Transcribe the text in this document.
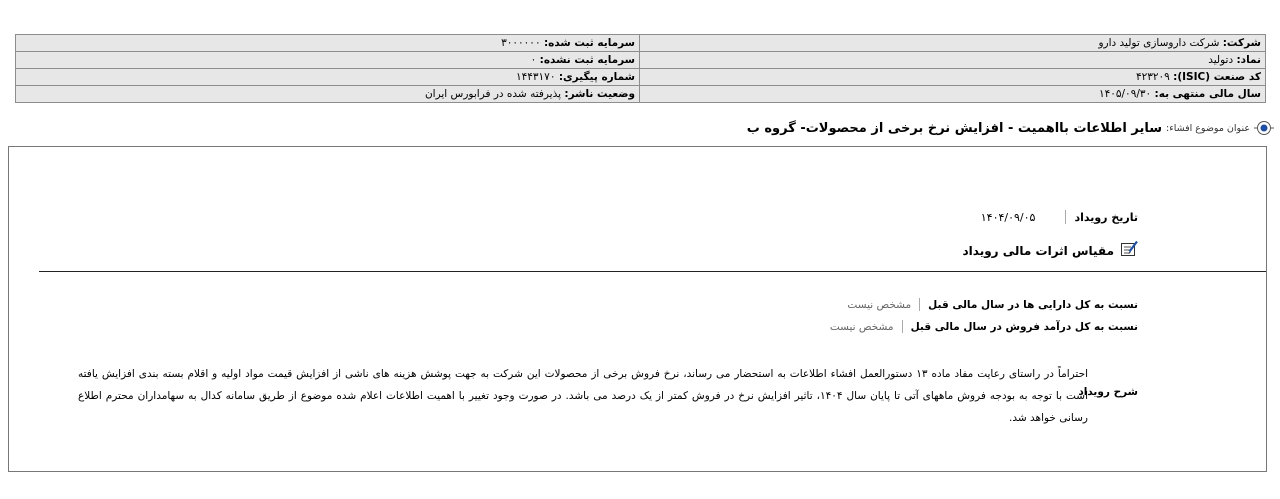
شرکت: شرکت داروسازی تولید دارو	سرمایه ثبت شده: ۳۰۰۰۰۰۰
نماد: دتولید	سرمایه ثبت نشده: ۰
کد صنعت (ISIC): ۴۲۳۲۰۹	شماره پیگیری: ۱۴۴۳۱۷۰
سال مالی منتهی به: ۱۴۰۵/۰۹/۳۰	وضعیت ناشر: پذیرفته شده در فرابورس ایران
عنوان موضوع افشاء:
سایر اطلاعات بااهمیت - افزایش نرخ برخی از محصولات- گروه ب
تاریخ رویداد
۱۴۰۴/۰۹/۰۵
مقیاس اثرات مالی رویداد
نسبت به کل دارایی ها در سال مالی قبل
مشخص نیست
نسبت به کل درآمد فروش در سال مالی قبل
مشخص نیست
شرح رویداد
احتراماً در راستای رعایت مفاد ماده ۱۳ دستورالعمل افشاء اطلاعات به استحضار می رساند، نرخ فروش برخی از محصولات این شرکت به جهت پوشش هزینه های ناشی از افزایش قیمت مواد اولیه و اقلام بسته بندی افزایش یافته است با توجه به بودجه فروش ماههای آتی تا پایان سال ۱۴۰۴، تاثیر افزایش نرخ در فروش کمتر از یک درصد می باشد. در صورت وجود تغییر با اهمیت اطلاعات اعلام شده موضوع از طریق سامانه کدال به سهامداران محترم اطلاع رسانی خواهد شد.
